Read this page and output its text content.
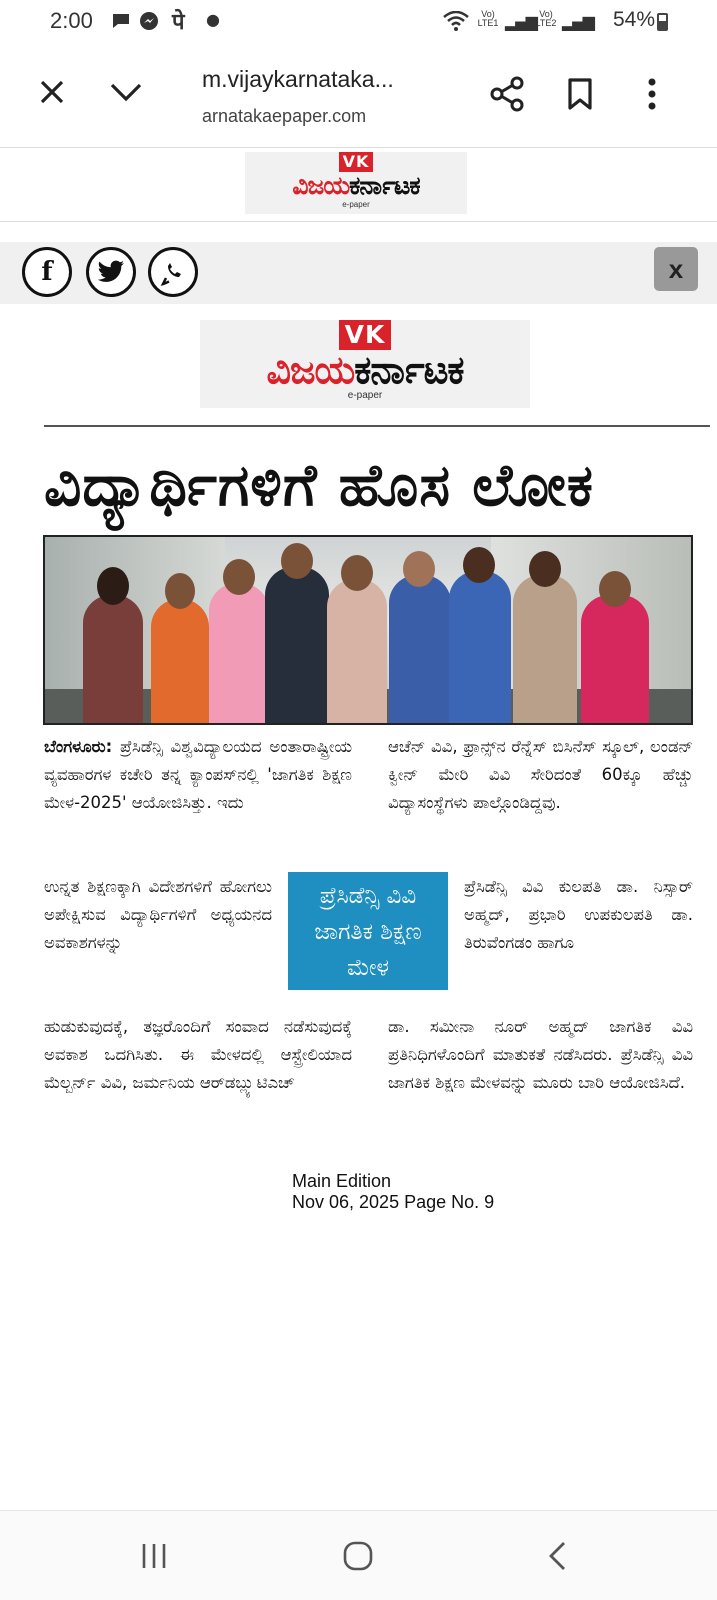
2:00	पे ●	Vo) LTE1 ▂▄▆ Vo) LTE2 ▂▄▆ 54%
m.vijaykarnataka...
arnatakaepaper.com
VK
ವಿಜಯಕರ್ನಾಟಕ
e-paper
f	x
VK
ವಿಜಯಕರ್ನಾಟಕ
e-paper
ವಿದ್ಯಾರ್ಥಿಗಳಿಗೆ ಹೊಸ ಲೋಕ

ಬೆಂಗಳೂರು: ಪ್ರೆಸಿಡೆನ್ಸಿ ವಿಶ್ವವಿದ್ಯಾಲಯದ ಅಂತಾರಾಷ್ಟ್ರೀಯ ವ್ಯವಹಾರಗಳ ಕಚೇರಿ ತನ್ನ ಕ್ಯಾಂಪಸ್‌ನಲ್ಲಿ 'ಜಾಗತಿಕ ಶಿಕ್ಷಣ ಮೇಳ-2025' ಆಯೋಜಿಸಿತ್ತು. ಇದು

ಉನ್ನತ ಶಿಕ್ಷಣಕ್ಕಾಗಿ ವಿದೇಶಗಳಿಗೆ ಹೋಗಲು ಅಪೇಕ್ಷಿಸುವ ವಿದ್ಯಾರ್ಥಿಗಳಿಗೆ ಅಧ್ಯಯನದ ಅವಕಾಶಗಳನ್ನು

ಹುಡುಕುವುದಕ್ಕೆ, ತಜ್ಞರೊಂದಿಗೆ ಸಂವಾದ ನಡೆಸುವುದಕ್ಕೆ ಅವಕಾಶ ಒದಗಿಸಿತು. ಈ ಮೇಳದಲ್ಲಿ ಆಸ್ಟ್ರೇಲಿಯಾದ ಮೆಲ್ಬರ್ನ್ ವಿವಿ, ಜರ್ಮನಿಯ ಆರ್‌ಡಬ್ಲ್ಯುಟಿಎಚ್

ಆಚೆನ್ ವಿವಿ, ಫ್ರಾನ್ಸ್‌ನ ರೆನ್ನೆಸ್ ಬಿಸಿನೆಸ್ ಸ್ಕೂಲ್, ಲಂಡನ್ ಕ್ವೀನ್ ಮೇರಿ ವಿವಿ ಸೇರಿದಂತೆ 60ಕ್ಕೂ ಹೆಚ್ಚು ವಿದ್ಯಾಸಂಸ್ಥೆಗಳು ಪಾಲ್ಗೊಂಡಿದ್ದವು.

ಪ್ರೆಸಿಡೆನ್ಸಿ ವಿವಿ ಕುಲಪತಿ ಡಾ. ನಿಸ್ಸಾರ್ ಅಹ್ಮದ್, ಪ್ರಭಾರಿ ಉಪಕುಲಪತಿ ಡಾ. ತಿರುವೆಂಗಡಂ ಹಾಗೂ

ಡಾ. ಸಮೀನಾ ನೂರ್ ಅಹ್ಮದ್ ಜಾಗತಿಕ ವಿವಿ ಪ್ರತಿನಿಧಿಗಳೊಂದಿಗೆ ಮಾತುಕತೆ ನಡೆಸಿದರು. ಪ್ರೆಸಿಡೆನ್ಸಿ ವಿವಿ ಜಾಗತಿಕ ಶಿಕ್ಷಣ ಮೇಳವನ್ನು ಮೂರು ಬಾರಿ ಆಯೋಜಿಸಿದೆ.

ಪ್ರೆಸಿಡೆನ್ಸಿ ವಿವಿ
ಜಾಗತಿಕ ಶಿಕ್ಷಣ
ಮೇಳ
Main Edition
Nov 06, 2025 Page No. 9
